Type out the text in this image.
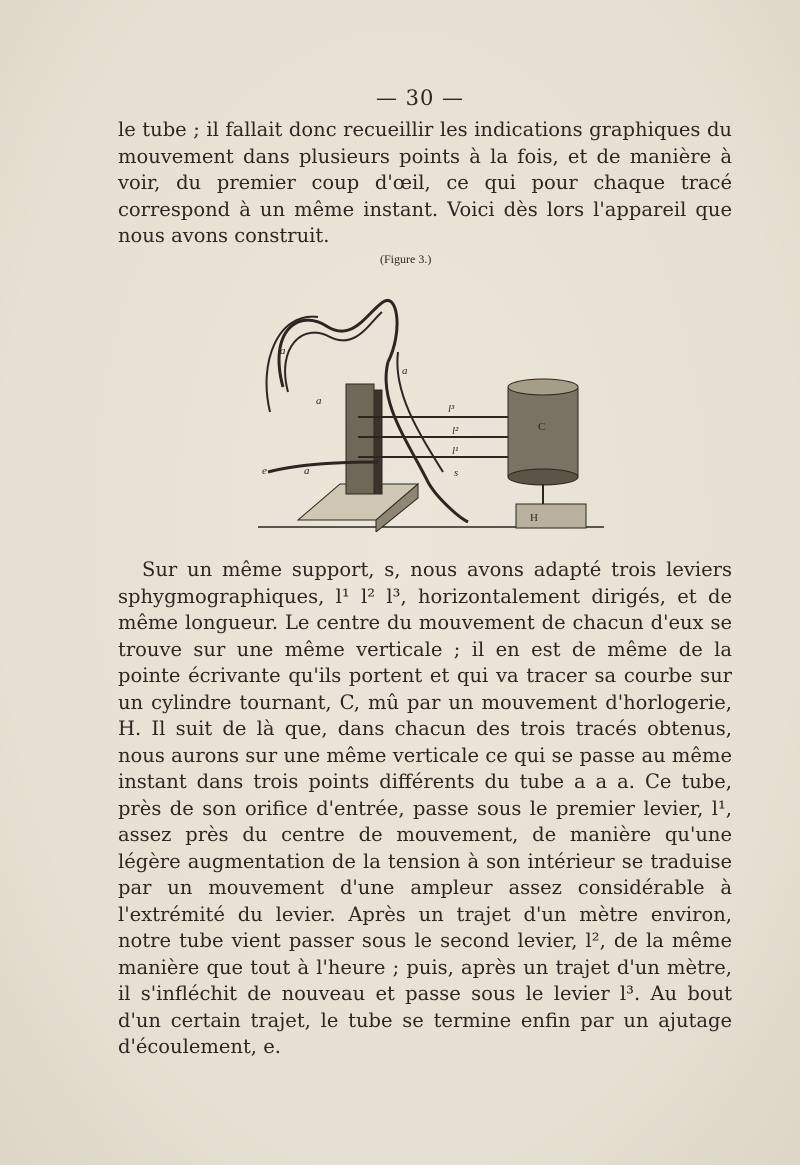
— 30 —

le tube ; il fallait donc recueillir les indications graphiques du mouvement dans plusieurs points à la fois, et de manière à voir, du premier coup d'œil, ce qui pour chaque tracé correspond à un même instant. Voici dès lors l'appareil que nous avons construit.

(Figure 3.)
a
a
a
a
l³
l²
l¹
e	s
C
H

Sur un même support, s, nous avons adapté trois leviers sphygmographiques, l¹ l² l³, horizontalement dirigés, et de même longueur. Le centre du mouvement de chacun d'eux se trouve sur une même verticale ; il en est de même de la pointe écrivante qu'ils portent et qui va tracer sa courbe sur un cylindre tournant, C, mû par un mouvement d'horlogerie, H. Il suit de là que, dans chacun des trois tracés obtenus, nous aurons sur une même verticale ce qui se passe au même instant dans trois points différents du tube a a a. Ce tube, près de son orifice d'entrée, passe sous le premier levier, l¹, assez près du centre de mouvement, de manière qu'une légère augmentation de la tension à son intérieur se traduise par un mouvement d'une ampleur assez considérable à l'extrémité du levier. Après un trajet d'un mètre environ, notre tube vient passer sous le second levier, l², de la même manière que tout à l'heure ; puis, après un trajet d'un mètre, il s'infléchit de nouveau et passe sous le levier l³. Au bout d'un certain trajet, le tube se termine enfin par un ajutage d'écoulement, e.
